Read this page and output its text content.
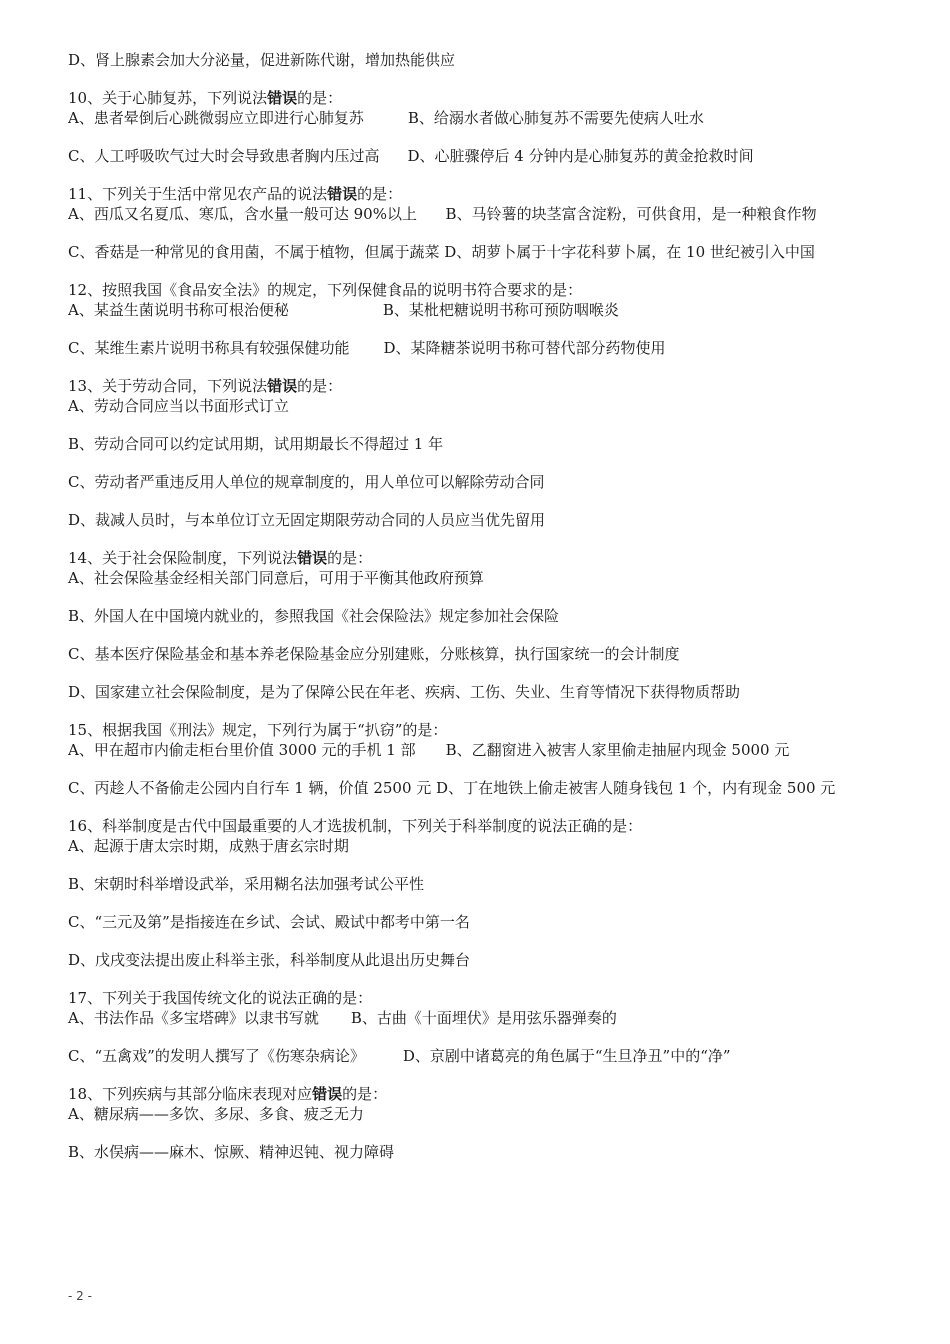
D、肾上腺素会加大分泌量，促进新陈代谢，增加热能供应

10、关于心肺复苏，下列说法错误的是：

A、患者晕倒后心跳微弱应立即进行心肺复苏	B、给溺水者做心肺复苏不需要先使病人吐水

C、人工呼吸吹气过大时会导致患者胸内压过高 D、心脏骤停后 4 分钟内是心肺复苏的黄金抢救时间

11、下列关于生活中常见农产品的说法错误的是：

A、西瓜又名夏瓜、寒瓜，含水量一般可达 90%以上      B、马铃薯的块茎富含淀粉，可供食用，是一种粮食作物

C、香菇是一种常见的食用菌，不属于植物，但属于蔬菜 D、胡萝卜属于十字花科萝卜属，在 10 世纪被引入中国

12、按照我国《食品安全法》的规定，下列保健食品的说明书符合要求的是：

A、某益生菌说明书称可根治便秘	B、某枇杷糖说明书称可预防咽喉炎

C、某维生素片说明书称具有较强保健功能 D、某降糖茶说明书称可替代部分药物使用

13、关于劳动合同，下列说法错误的是：

A、劳动合同应当以书面形式订立

B、劳动合同可以约定试用期，试用期最长不得超过 1 年

C、劳动者严重违反用人单位的规章制度的，用人单位可以解除劳动合同

D、裁减人员时，与本单位订立无固定期限劳动合同的人员应当优先留用

14、关于社会保险制度，下列说法错误的是：

A、社会保险基金经相关部门同意后，可用于平衡其他政府预算

B、外国人在中国境内就业的，参照我国《社会保险法》规定参加社会保险

C、基本医疗保险基金和基本养老保险基金应分别建账，分账核算，执行国家统一的会计制度

D、国家建立社会保险制度，是为了保障公民在年老、疾病、工伤、失业、生育等情况下获得物质帮助

15、根据我国《刑法》规定，下列行为属于“扒窃”的是：

A、甲在超市内偷走柜台里价值 3000 元的手机 1 部 B、乙翻窗进入被害人家里偷走抽屉内现金 5000 元

C、丙趁人不备偷走公园内自行车 1 辆，价值 2500 元 D、丁在地铁上偷走被害人随身钱包 1 个，内有现金 500 元

16、科举制度是古代中国最重要的人才选拔机制，下列关于科举制度的说法正确的是：

A、起源于唐太宗时期，成熟于唐玄宗时期

B、宋朝时科举增设武举，采用糊名法加强考试公平性

C、“三元及第”是指接连在乡试、会试、殿试中都考中第一名

D、戊戌变法提出废止科举主张，科举制度从此退出历史舞台

17、下列关于我国传统文化的说法正确的是：

A、书法作品《多宝塔碑》以隶书写就 B、古曲《十面埋伏》是用弦乐器弹奏的

C、“五禽戏”的发明人撰写了《伤寒杂病论》	D、京剧中诸葛亮的角色属于“生旦净丑”中的“净”

18、下列疾病与其部分临床表现对应错误的是：

A、糖尿病——多饮、多尿、多食、疲乏无力

B、水俣病——麻木、惊厥、精神迟钝、视力障碍

- 2 -
